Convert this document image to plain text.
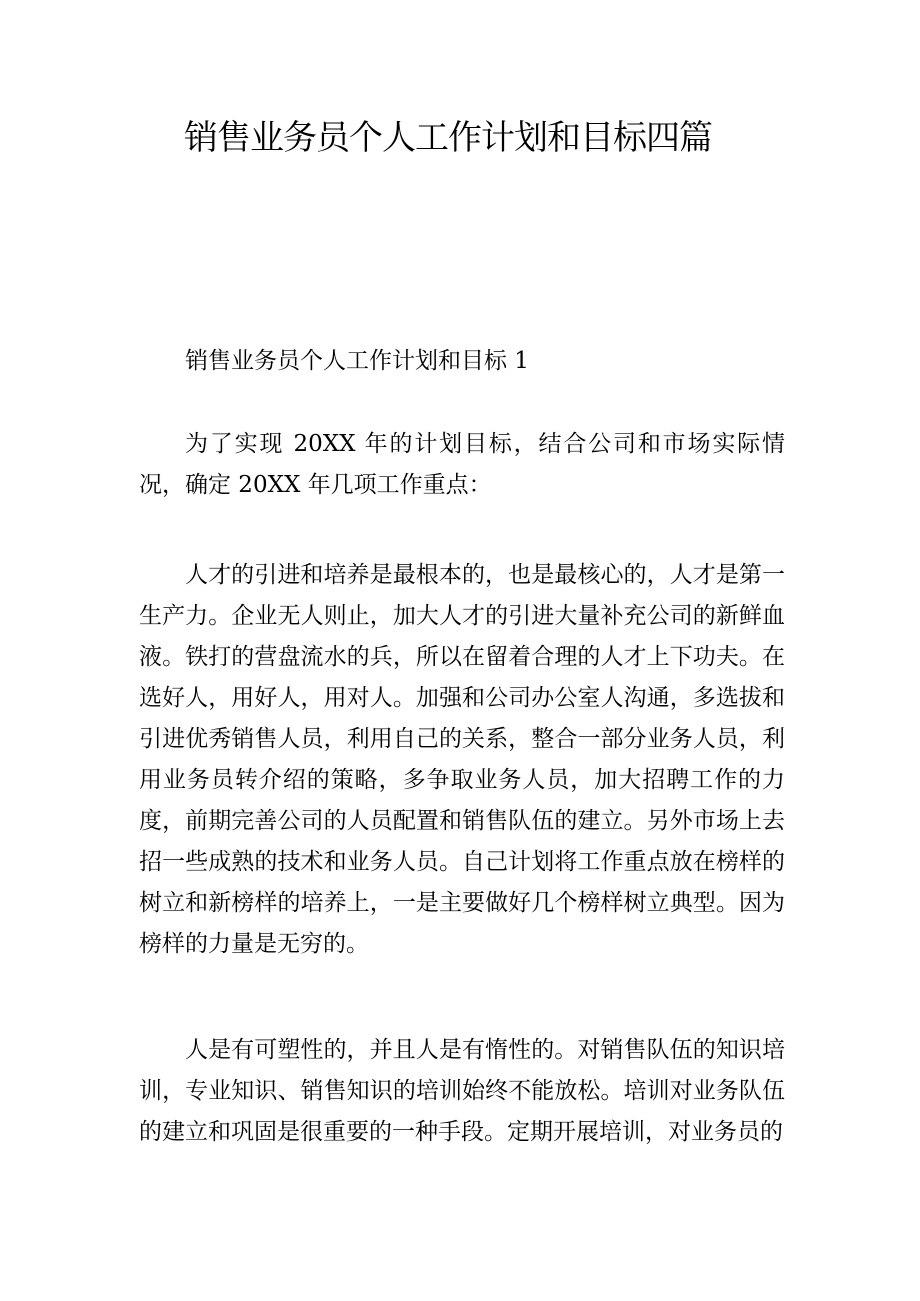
销售业务员个人工作计划和目标四篇

销售业务员个人工作计划和目标 1

为了实现 20XX 年的计划目标，结合公司和市场实际情况，确定 20XX 年几项工作重点：

人才的引进和培养是最根本的，也是最核心的，人才是第一生产力。企业无人则止，加大人才的引进大量补充公司的新鲜血液。铁打的营盘流水的兵，所以在留着合理的人才上下功夫。在选好人，用好人，用对人。加强和公司办公室人沟通，多选拔和引进优秀销售人员，利用自己的关系，整合一部分业务人员，利用业务员转介绍的策略，多争取业务人员，加大招聘工作的力度，前期完善公司的人员配置和销售队伍的建立。另外市场上去招一些成熟的技术和业务人员。自己计划将工作重点放在榜样的树立和新榜样的培养上，一是主要做好几个榜样树立典型。因为榜样的力量是无穷的。

人是有可塑性的，并且人是有惰性的。对销售队伍的知识培训，专业知识、销售知识的培训始终不能放松。培训对业务队伍的建立和巩固是很重要的一种手段。定期开展培训，对业务员的
